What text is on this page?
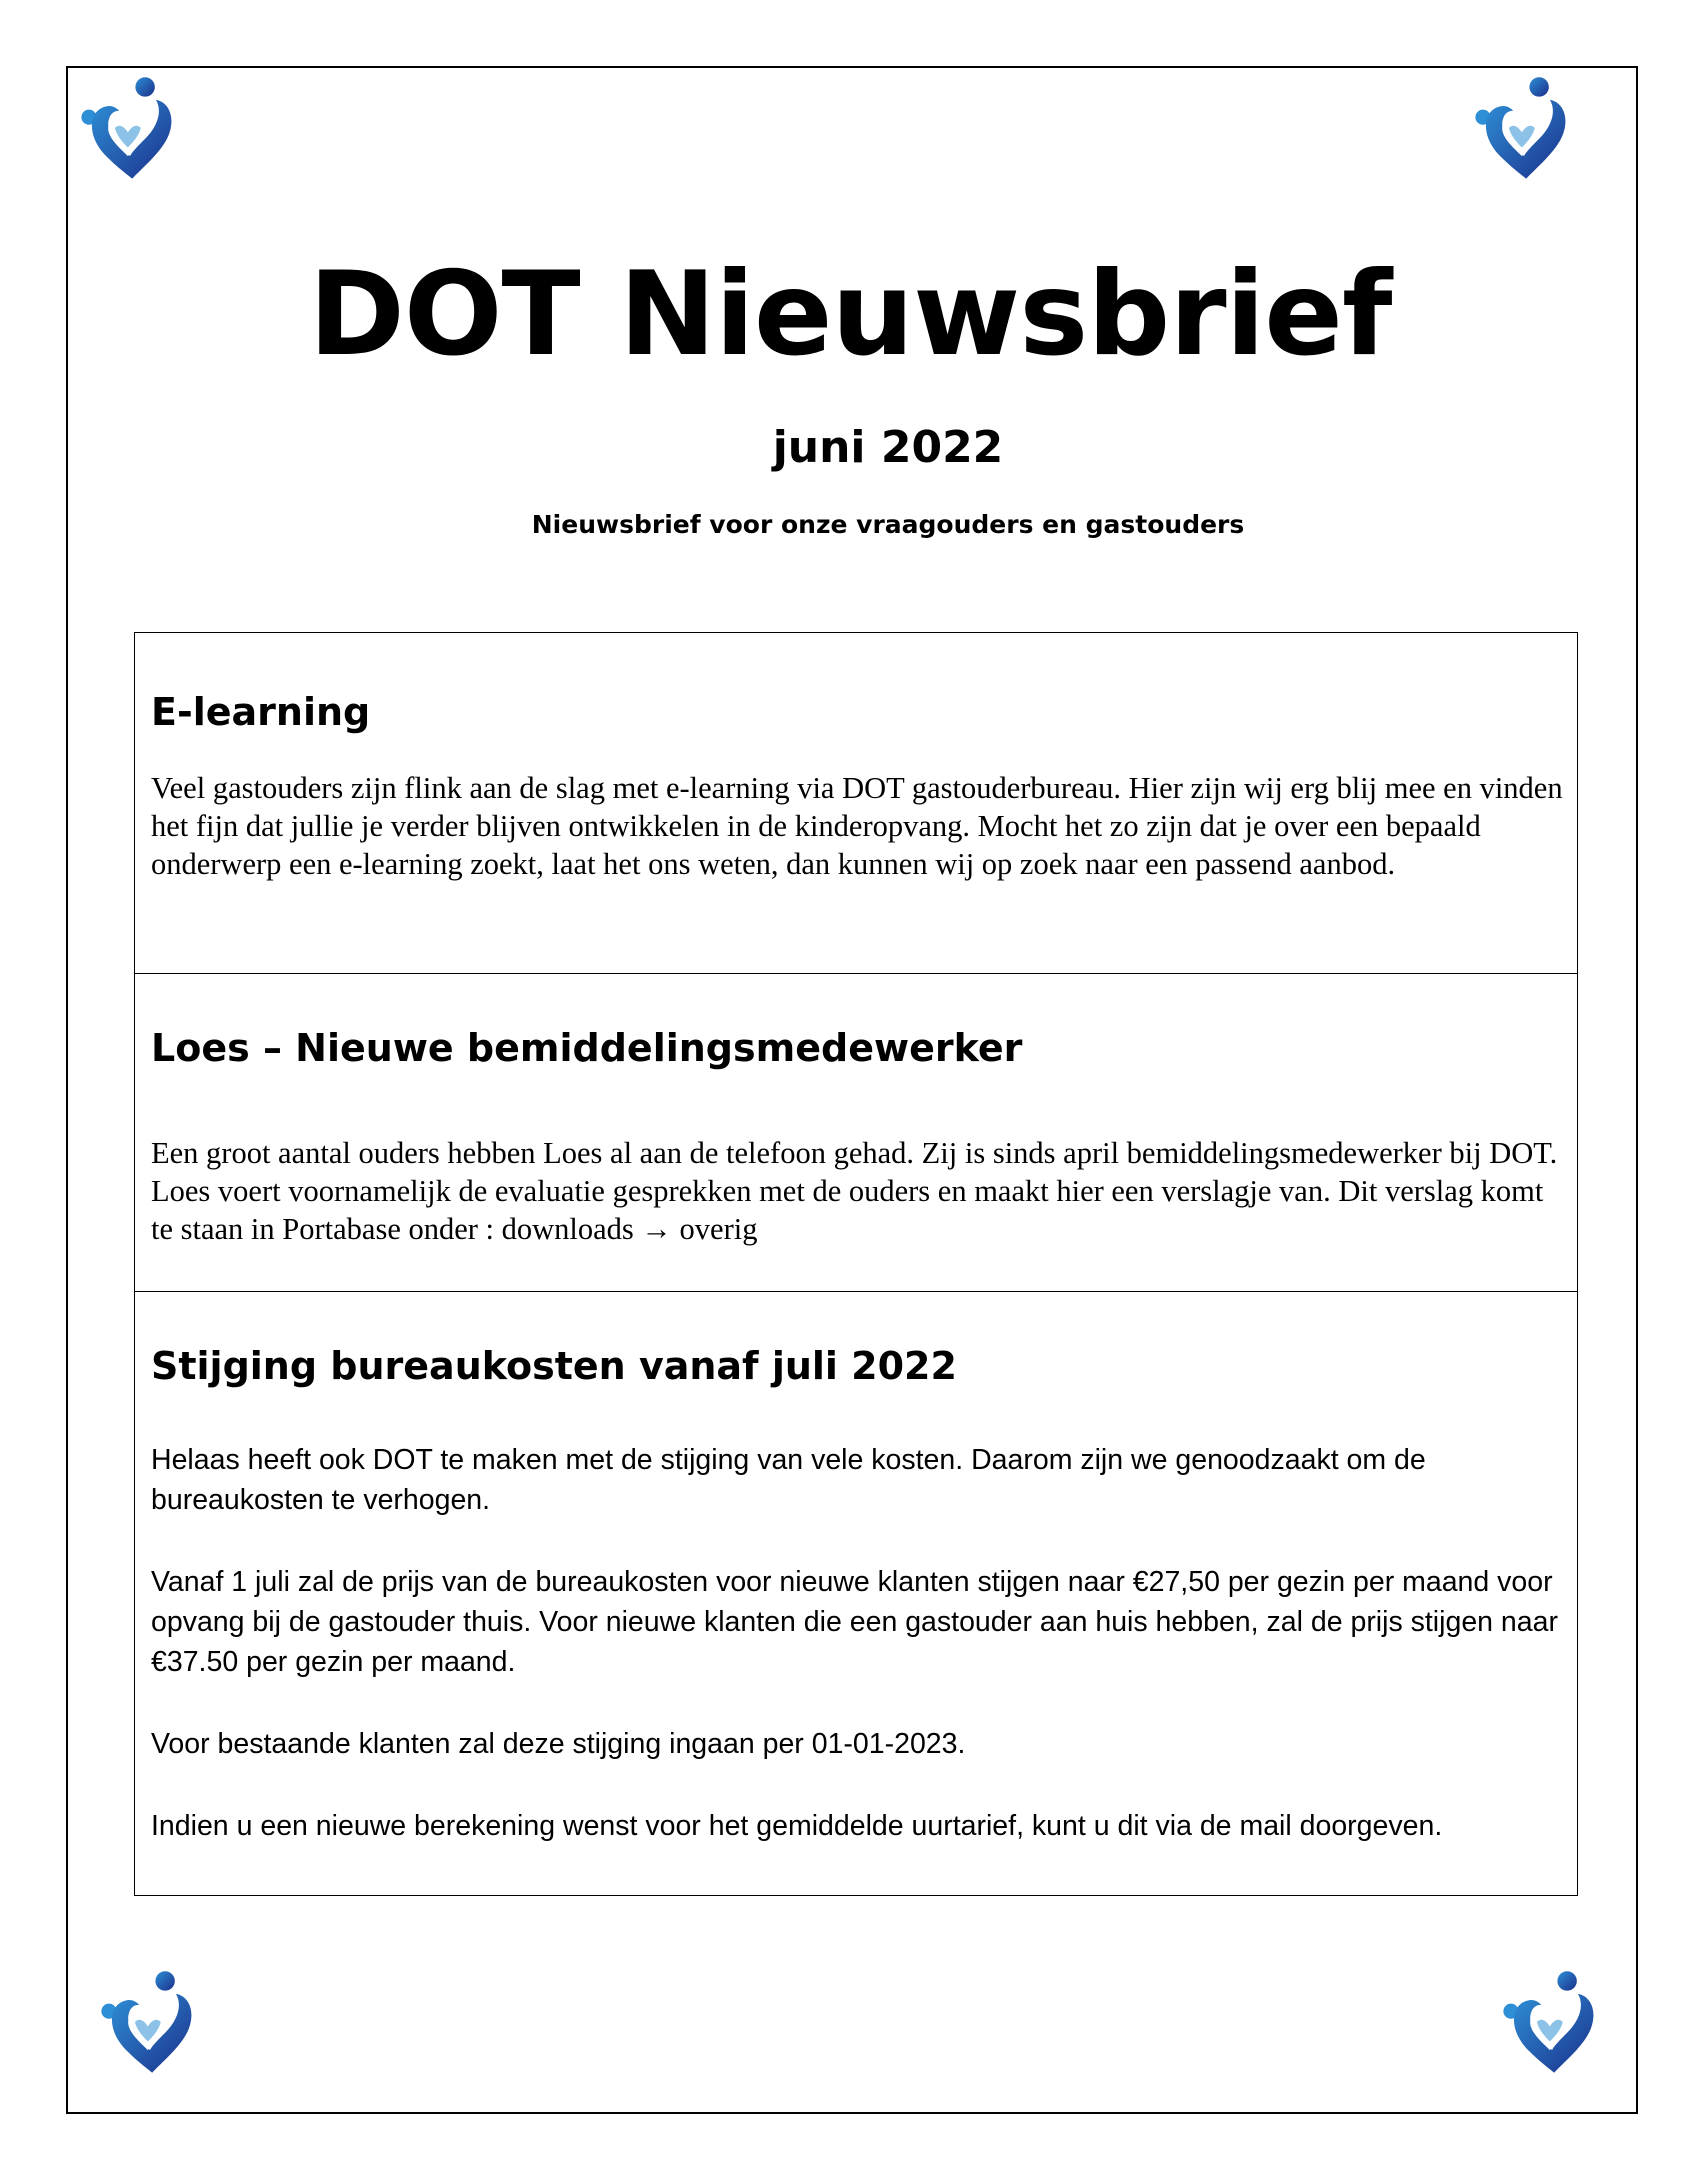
DOT Nieuwsbrief
juni 2022
Nieuwsbrief voor onze vraagouders en gastouders
E-learning

Veel gastouders zijn flink aan de slag met e-learning via DOT gastouderbureau. Hier zijn wij erg blij mee en vinden het fijn dat jullie je verder blijven ontwikkelen in de kinderopvang. Mocht het zo zijn dat je over een bepaald onderwerp een e-learning zoekt, laat het ons weten, dan kunnen wij op zoek naar een passend aanbod.

Loes – Nieuwe bemiddelingsmedewerker

Een groot aantal ouders hebben Loes al aan de telefoon gehad. Zij is sinds april bemiddelingsmedewerker bij DOT. Loes voert voornamelijk de evaluatie gesprekken met de ouders en maakt hier een verslagje van. Dit verslag komt te staan in Portabase onder : downloads → overig

Stijging bureaukosten vanaf juli 2022

Helaas heeft ook DOT te maken met de stijging van vele kosten. Daarom zijn we genoodzaakt om de bureaukosten te verhogen.

Vanaf 1 juli zal de prijs van de bureaukosten voor nieuwe klanten stijgen naar €27,50 per gezin per maand voor opvang bij de gastouder thuis. Voor nieuwe klanten die een gastouder aan huis hebben, zal de prijs stijgen naar €37.50 per gezin per maand.

Voor bestaande klanten zal deze stijging ingaan per 01-01-2023.

Indien u een nieuwe berekening wenst voor het gemiddelde uurtarief, kunt u dit via de mail doorgeven.
